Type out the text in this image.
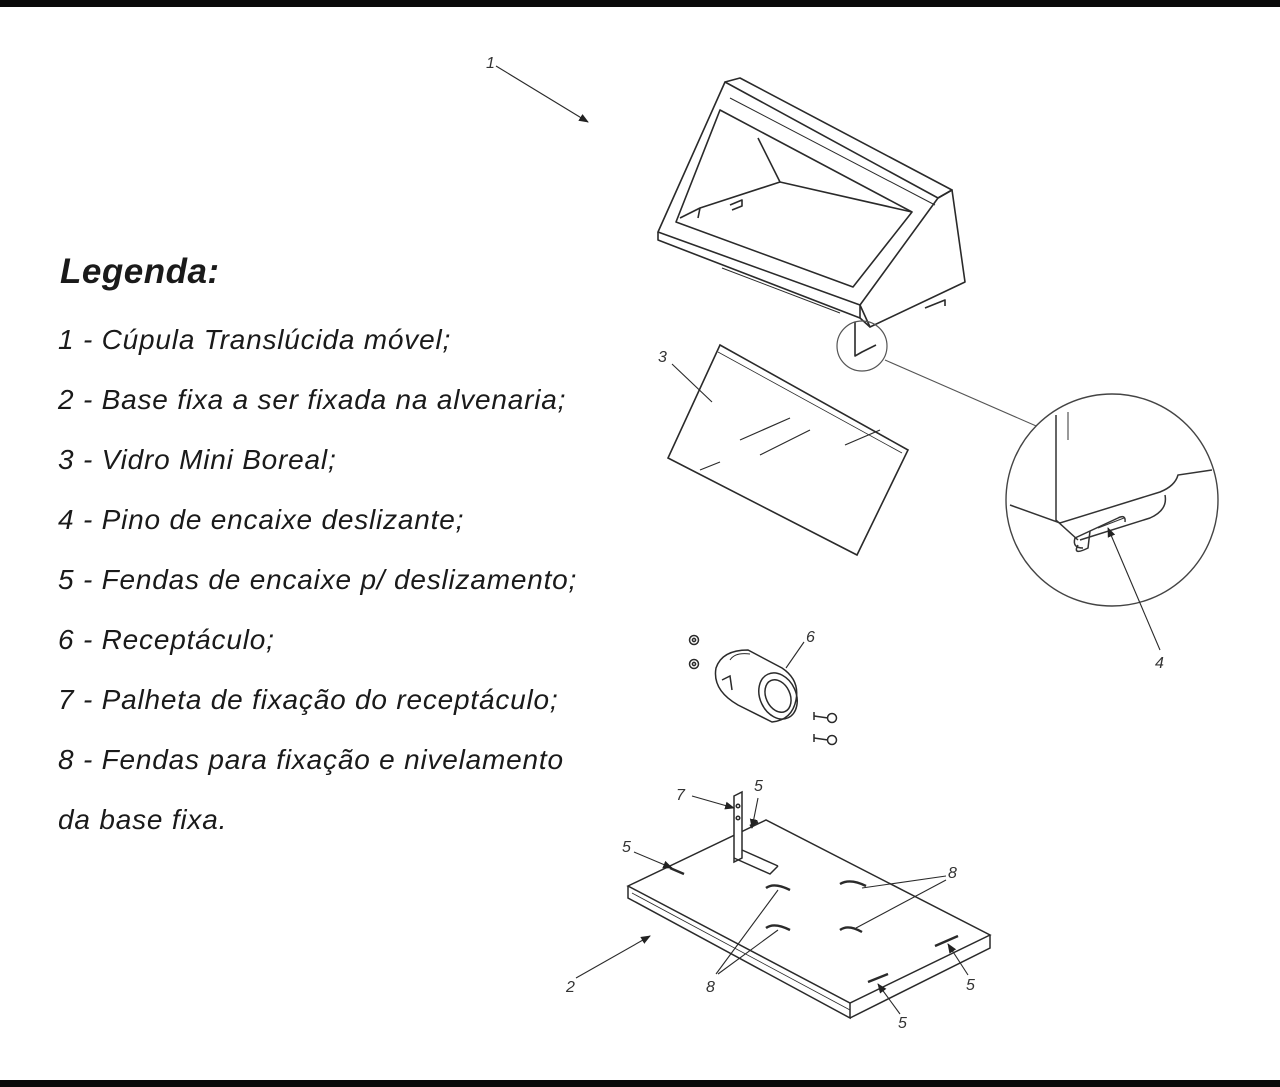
Legenda:
1 - Cúpula Translúcida móvel;
2 - Base fixa a ser fixada na alvenaria;
3 - Vidro Mini Boreal;
4 - Pino de encaixe deslizante;
5 - Fendas de encaixe p/ deslizamento;
6 - Receptáculo;
7 - Palheta de fixação do receptáculo;
8 - Fendas para fixação e nivelamento
da base fixa.
1
3
4
6
7
5
5
5
5
2
8
8
